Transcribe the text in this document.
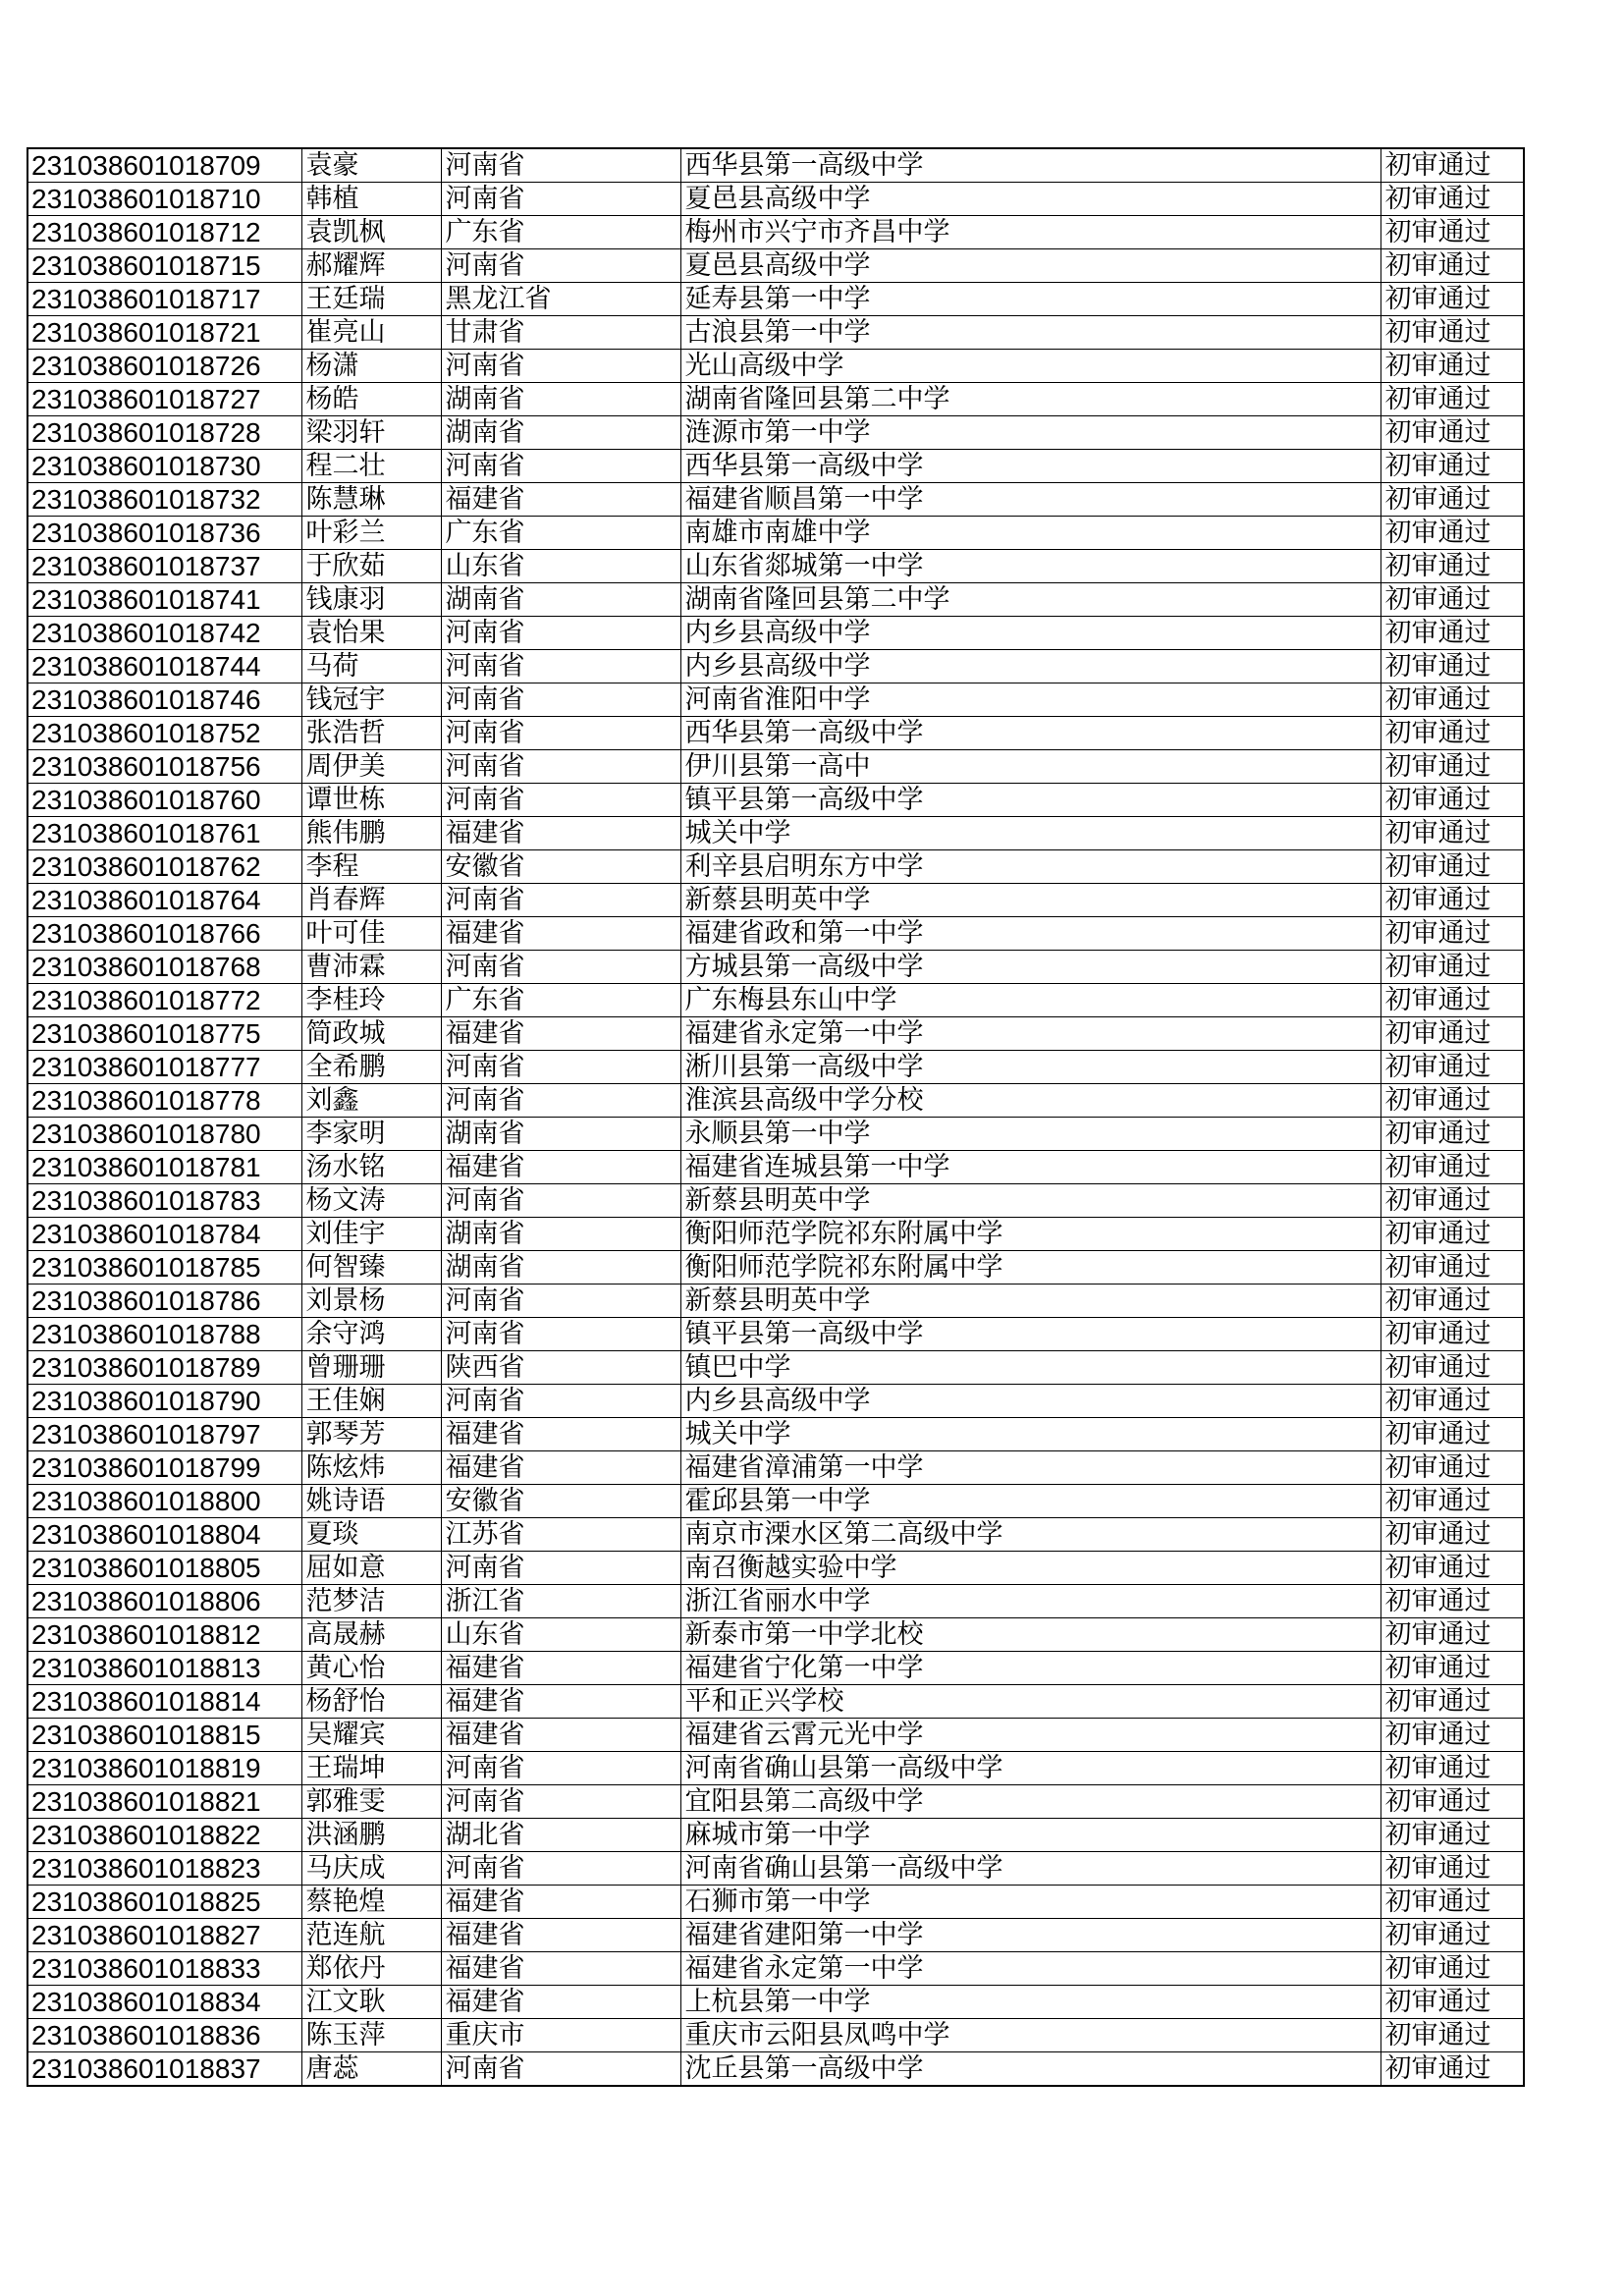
231038601018709	袁豪	河南省	西华县第一高级中学	初审通过
231038601018710	韩植	河南省	夏邑县高级中学	初审通过
231038601018712	袁凯枫	广东省	梅州市兴宁市齐昌中学	初审通过
231038601018715	郝耀辉	河南省	夏邑县高级中学	初审通过
231038601018717	王廷瑞	黑龙江省	延寿县第一中学	初审通过
231038601018721	崔亮山	甘肃省	古浪县第一中学	初审通过
231038601018726	杨潇	河南省	光山高级中学	初审通过
231038601018727	杨皓	湖南省	湖南省隆回县第二中学	初审通过
231038601018728	梁羽轩	湖南省	涟源市第一中学	初审通过
231038601018730	程二壮	河南省	西华县第一高级中学	初审通过
231038601018732	陈慧琳	福建省	福建省顺昌第一中学	初审通过
231038601018736	叶彩兰	广东省	南雄市南雄中学	初审通过
231038601018737	于欣茹	山东省	山东省郯城第一中学	初审通过
231038601018741	钱康羽	湖南省	湖南省隆回县第二中学	初审通过
231038601018742	袁怡果	河南省	内乡县高级中学	初审通过
231038601018744	马荷	河南省	内乡县高级中学	初审通过
231038601018746	钱冠宇	河南省	河南省淮阳中学	初审通过
231038601018752	张浩哲	河南省	西华县第一高级中学	初审通过
231038601018756	周伊美	河南省	伊川县第一高中	初审通过
231038601018760	谭世栋	河南省	镇平县第一高级中学	初审通过
231038601018761	熊伟鹏	福建省	城关中学	初审通过
231038601018762	李程	安徽省	利辛县启明东方中学	初审通过
231038601018764	肖春辉	河南省	新蔡县明英中学	初审通过
231038601018766	叶可佳	福建省	福建省政和第一中学	初审通过
231038601018768	曹沛霖	河南省	方城县第一高级中学	初审通过
231038601018772	李桂玲	广东省	广东梅县东山中学	初审通过
231038601018775	简政城	福建省	福建省永定第一中学	初审通过
231038601018777	全希鹏	河南省	淅川县第一高级中学	初审通过
231038601018778	刘鑫	河南省	淮滨县高级中学分校	初审通过
231038601018780	李家明	湖南省	永顺县第一中学	初审通过
231038601018781	汤水铭	福建省	福建省连城县第一中学	初审通过
231038601018783	杨文涛	河南省	新蔡县明英中学	初审通过
231038601018784	刘佳宇	湖南省	衡阳师范学院祁东附属中学	初审通过
231038601018785	何智臻	湖南省	衡阳师范学院祁东附属中学	初审通过
231038601018786	刘景杨	河南省	新蔡县明英中学	初审通过
231038601018788	余守鸿	河南省	镇平县第一高级中学	初审通过
231038601018789	曾珊珊	陕西省	镇巴中学	初审通过
231038601018790	王佳娴	河南省	内乡县高级中学	初审通过
231038601018797	郭琴芳	福建省	城关中学	初审通过
231038601018799	陈炫炜	福建省	福建省漳浦第一中学	初审通过
231038601018800	姚诗语	安徽省	霍邱县第一中学	初审通过
231038601018804	夏琰	江苏省	南京市溧水区第二高级中学	初审通过
231038601018805	屈如意	河南省	南召衡越实验中学	初审通过
231038601018806	范梦洁	浙江省	浙江省丽水中学	初审通过
231038601018812	高晟赫	山东省	新泰市第一中学北校	初审通过
231038601018813	黄心怡	福建省	福建省宁化第一中学	初审通过
231038601018814	杨舒怡	福建省	平和正兴学校	初审通过
231038601018815	吴耀宾	福建省	福建省云霄元光中学	初审通过
231038601018819	王瑞坤	河南省	河南省确山县第一高级中学	初审通过
231038601018821	郭雅雯	河南省	宜阳县第二高级中学	初审通过
231038601018822	洪涵鹏	湖北省	麻城市第一中学	初审通过
231038601018823	马庆成	河南省	河南省确山县第一高级中学	初审通过
231038601018825	蔡艳煌	福建省	石狮市第一中学	初审通过
231038601018827	范连航	福建省	福建省建阳第一中学	初审通过
231038601018833	郑依丹	福建省	福建省永定第一中学	初审通过
231038601018834	江文耿	福建省	上杭县第一中学	初审通过
231038601018836	陈玉萍	重庆市	重庆市云阳县凤鸣中学	初审通过
231038601018837	唐蕊	河南省	沈丘县第一高级中学	初审通过
